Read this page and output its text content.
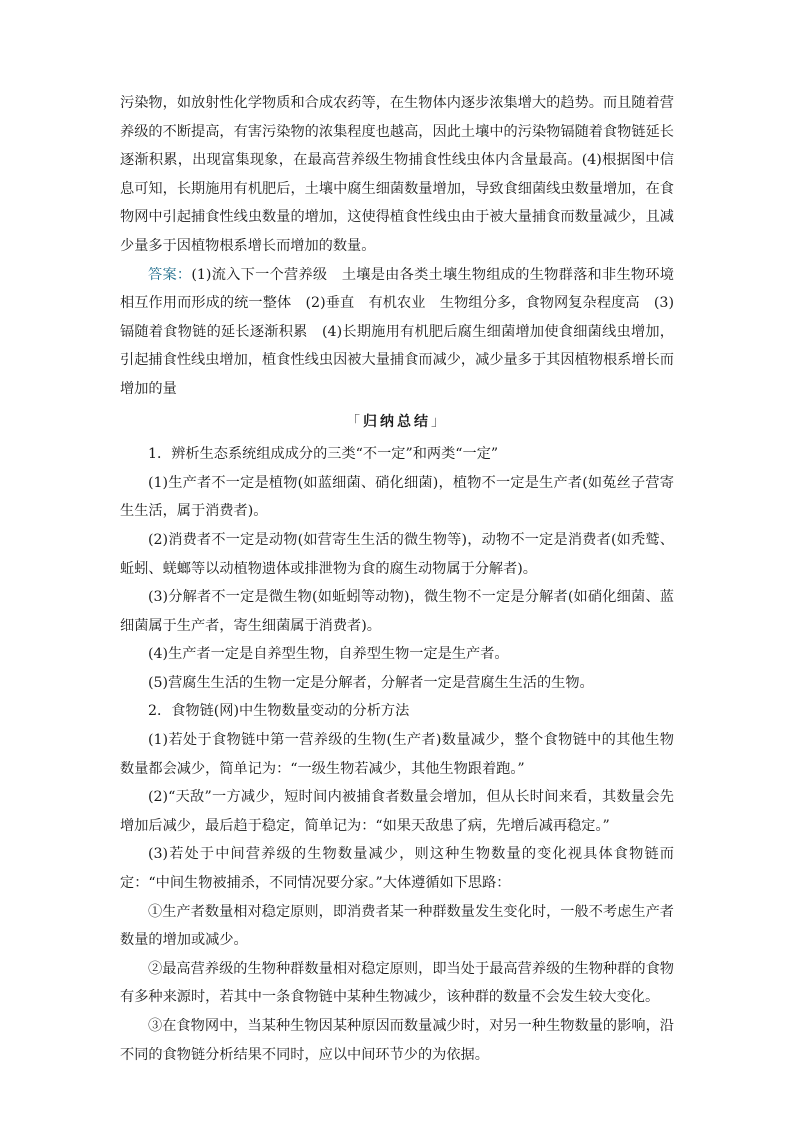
污染物，如放射性化学物质和合成农药等，在生物体内逐步浓集增大的趋势。而且随着营养级的不断提高，有害污染物的浓集程度也越高，因此土壤中的污染物镉随着食物链延长逐渐积累，出现富集现象，在最高营养级生物捕食性线虫体内含量最高。(4)根据图中信息可知，长期施用有机肥后，土壤中腐生细菌数量增加，导致食细菌线虫数量增加，在食物网中引起捕食性线虫数量的增加，这使得植食性线虫由于被大量捕食而数量减少，且减少量多于因植物根系增长而增加的数量。

答案：(1)流入下一个营养级　土壤是由各类土壤生物组成的生物群落和非生物环境相互作用而形成的统一整体　(2)垂直　有机农业　生物组分多，食物网复杂程度高　(3)镉随着食物链的延长逐渐积累　(4)长期施用有机肥后腐生细菌增加使食细菌线虫增加，引起捕食性线虫增加，植食性线虫因被大量捕食而减少，减少量多于其因植物根系增长而增加的量

「归纳总结」

1．辨析生态系统组成成分的三类“不一定”和两类“一定”

(1)生产者不一定是植物(如蓝细菌、硝化细菌)，植物不一定是生产者(如菟丝子营寄生生活，属于消费者)。

(2)消费者不一定是动物(如营寄生生活的微生物等)，动物不一定是消费者(如秃鹫、蚯蚓、蜣螂等以动植物遗体或排泄物为食的腐生动物属于分解者)。

(3)分解者不一定是微生物(如蚯蚓等动物)，微生物不一定是分解者(如硝化细菌、蓝细菌属于生产者，寄生细菌属于消费者)。

(4)生产者一定是自养型生物，自养型生物一定是生产者。

(5)营腐生生活的生物一定是分解者，分解者一定是营腐生生活的生物。

2．食物链(网)中生物数量变动的分析方法

(1)若处于食物链中第一营养级的生物(生产者)数量减少，整个食物链中的其他生物数量都会减少，简单记为：“一级生物若减少，其他生物跟着跑。”

(2)“天敌”一方减少，短时间内被捕食者数量会增加，但从长时间来看，其数量会先增加后减少，最后趋于稳定，简单记为：“如果天敌患了病，先增后减再稳定。”

(3)若处于中间营养级的生物数量减少，则这种生物数量的变化视具体食物链而定：“中间生物被捕杀，不同情况要分家。”大体遵循如下思路：

①生产者数量相对稳定原则，即消费者某一种群数量发生变化时，一般不考虑生产者数量的增加或减少。

②最高营养级的生物种群数量相对稳定原则，即当处于最高营养级的生物种群的食物有多种来源时，若其中一条食物链中某种生物减少，该种群的数量不会发生较大变化。

③在食物网中，当某种生物因某种原因而数量减少时，对另一种生物数量的影响，沿不同的食物链分析结果不同时，应以中间环节少的为依据。
